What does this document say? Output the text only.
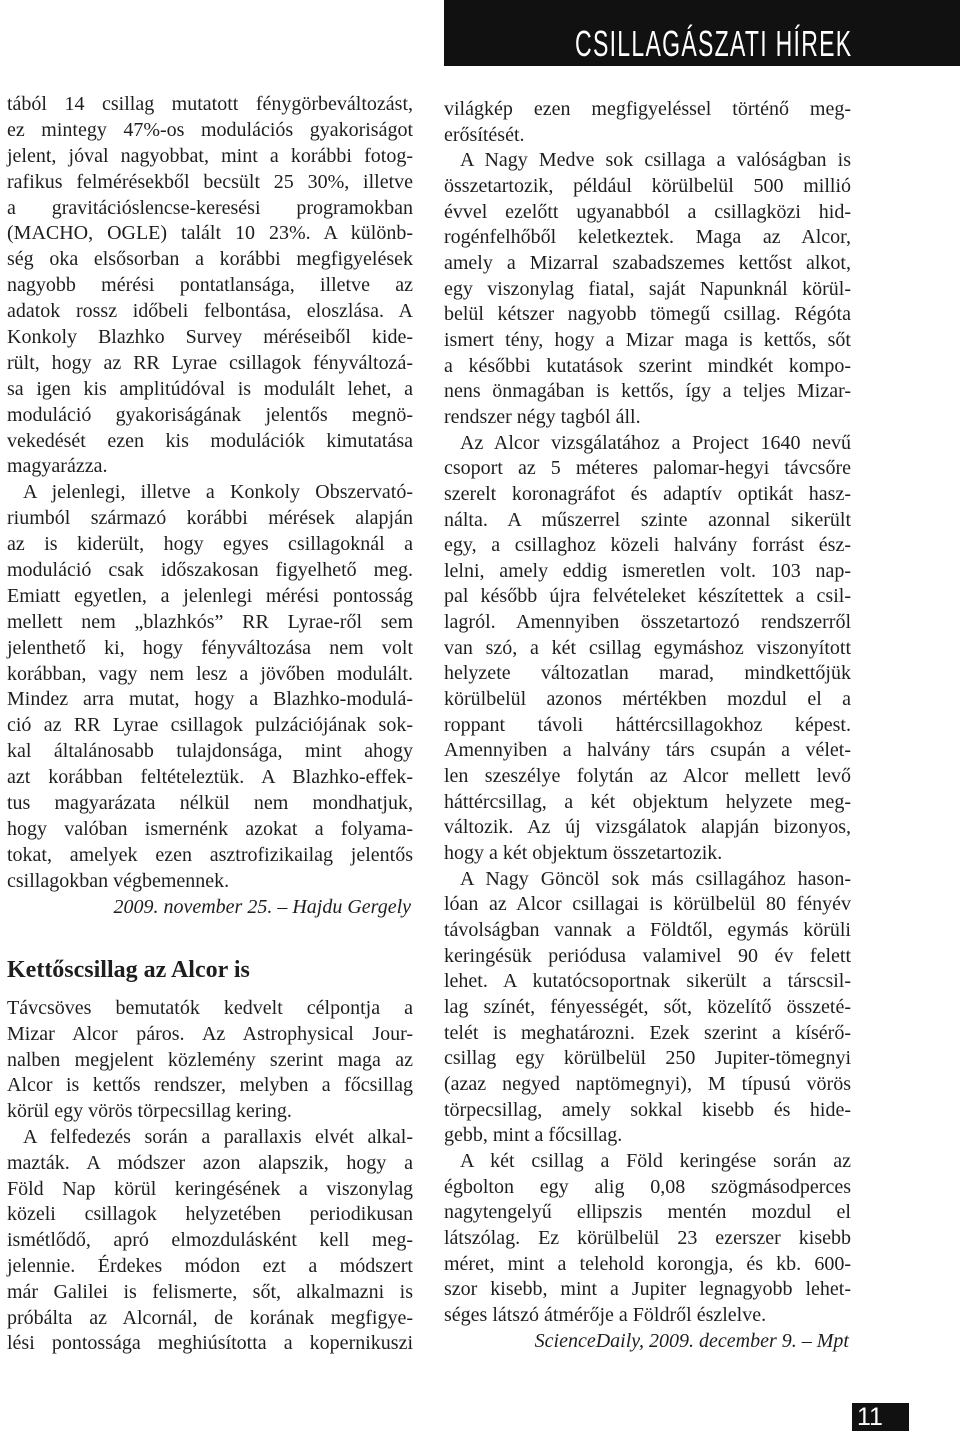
CSILLAGÁSZATI HÍREK
tából 14 csillag mutatott fénygörbeváltozást,
ez mintegy 47%-os modulációs gyakoriságot
jelent, jóval nagyobbat, mint a korábbi fotog-
rafikus felmérésekből becsült 25 30%, illetve
a gravitációslencse-keresési programokban
(MACHO, OGLE) talált 10 23%. A különb-
ség oka elsősorban a korábbi megfigyelések
nagyobb mérési pontatlansága, illetve az
adatok rossz időbeli felbontása, eloszlása. A
Konkoly Blazhko Survey méréseiből kide-
rült, hogy az RR Lyrae csillagok fényváltozá-
sa igen kis amplitúdóval is modulált lehet, a
moduláció gyakoriságának jelentős megnö-
vekedését ezen kis modulációk kimutatása
magyarázza.
A jelenlegi, illetve a Konkoly Obszervató-
riumból származó korábbi mérések alapján
az is kiderült, hogy egyes csillagoknál a
moduláció csak időszakosan figyelhető meg.
Emiatt egyetlen, a jelenlegi mérési pontosság
mellett nem „blazhkós” RR Lyrae-ről sem
jelenthető ki, hogy fényváltozása nem volt
korábban, vagy nem lesz a jövőben modulált.
Mindez arra mutat, hogy a Blazhko-modulá-
ció az RR Lyrae csillagok pulzációjának sok-
kal általánosabb tulajdonsága, mint ahogy
azt korábban feltételeztük. A Blazhko-effek-
tus magyarázata nélkül nem mondhatjuk,
hogy valóban ismernénk azokat a folyama-
tokat, amelyek ezen asztrofizikailag jelentős
csillagokban végbemennek.
2009. november 25. – Hajdu Gergely
Kettőscsillag az Alcor is
Távcsöves bemutatók kedvelt célpontja a
Mizar Alcor páros. Az Astrophysical Jour-
nalben megjelent közlemény szerint maga az
Alcor is kettős rendszer, melyben a főcsillag
körül egy vörös törpecsillag kering.
A felfedezés során a parallaxis elvét alkal-
mazták. A módszer azon alapszik, hogy a
Föld Nap körül keringésének a viszonylag
közeli csillagok helyzetében periodikusan
ismétlődő, apró elmozdulásként kell meg-
jelennie. Érdekes módon ezt a módszert
már Galilei is felismerte, sőt, alkalmazni is
próbálta az Alcornál, de korának megfigye-
lési pontossága meghiúsította a kopernikuszi
világkép ezen megfigyeléssel történő meg-
erősítését.
A Nagy Medve sok csillaga a valóságban is
összetartozik, például körülbelül 500 millió
évvel ezelőtt ugyanabból a csillagközi hid-
rogénfelhőből keletkeztek. Maga az Alcor,
amely a Mizarral szabadszemes kettőst alkot,
egy viszonylag fiatal, saját Napunknál körül-
belül kétszer nagyobb tömegű csillag. Régóta
ismert tény, hogy a Mizar maga is kettős, sőt
a későbbi kutatások szerint mindkét kompo-
nens önmagában is kettős, így a teljes Mizar-
rendszer négy tagból áll.
Az Alcor vizsgálatához a Project 1640 nevű
csoport az 5 méteres palomar-hegyi távcsőre
szerelt koronagráfot és adaptív optikát hasz-
nálta. A műszerrel szinte azonnal sikerült
egy, a csillaghoz közeli halvány forrást ész-
lelni, amely eddig ismeretlen volt. 103 nap-
pal később újra felvételeket készítettek a csil-
lagról. Amennyiben összetartozó rendszerről
van szó, a két csillag egymáshoz viszonyított
helyzete változatlan marad, mindkettőjük
körülbelül azonos mértékben mozdul el a
roppant távoli háttércsillagokhoz képest.
Amennyiben a halvány társ csupán a vélet-
len szeszélye folytán az Alcor mellett levő
háttércsillag, a két objektum helyzete meg-
változik. Az új vizsgálatok alapján bizonyos,
hogy a két objektum összetartozik.
A Nagy Göncöl sok más csillagához hason-
lóan az Alcor csillagai is körülbelül 80 fényév
távolságban vannak a Földtől, egymás körüli
keringésük periódusa valamivel 90 év felett
lehet. A kutatócsoportnak sikerült a társcsil-
lag színét, fényességét, sőt, közelítő összeté-
telét is meghatározni. Ezek szerint a kísérő-
csillag egy körülbelül 250 Jupiter-tömegnyi
(azaz negyed naptömegnyi), M típusú vörös
törpecsillag, amely sokkal kisebb és hide-
gebb, mint a főcsillag.
A két csillag a Föld keringése során az
égbolton egy alig 0,08 szögmásodperces
nagytengelyű ellipszis mentén mozdul el
látszólag. Ez körülbelül 23 ezerszer kisebb
méret, mint a telehold korongja, és kb. 600-
szor kisebb, mint a Jupiter legnagyobb lehet-
séges látszó átmérője a Földről észlelve.
ScienceDaily, 2009. december 9. – Mpt
11
